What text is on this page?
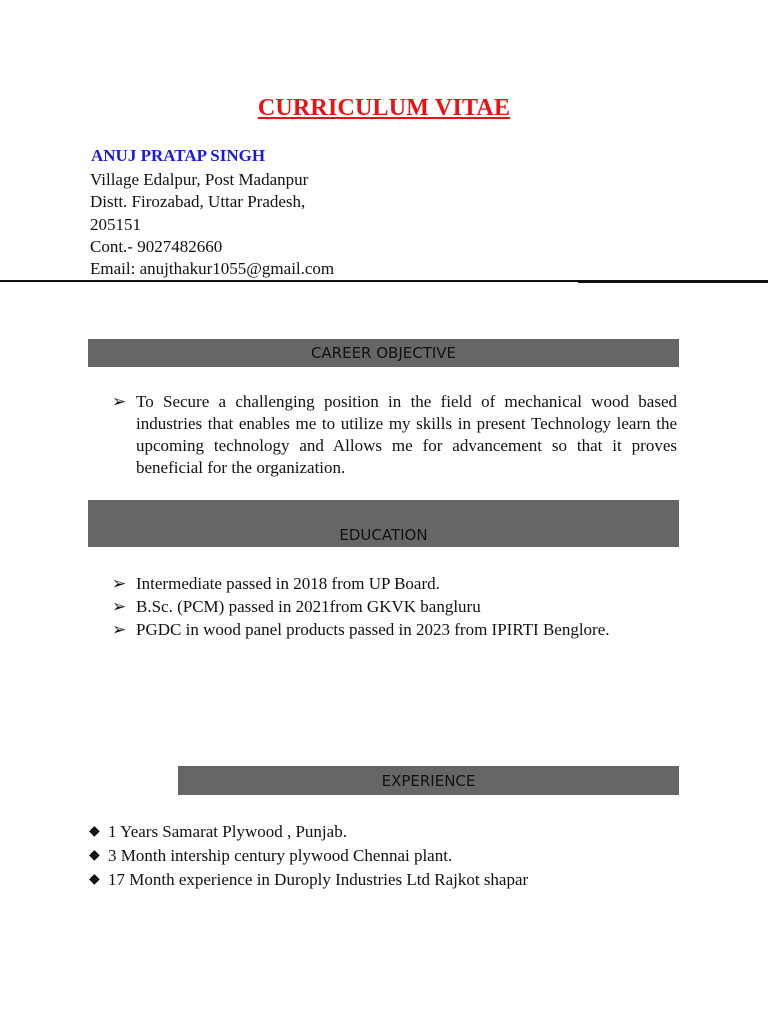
CURRICULUM VITAE
ANUJ PRATAP SINGH
Village Edalpur, Post Madanpur
Distt. Firozabad, Uttar Pradesh,
205151
Cont.- 9027482660
Email: anujthakur1055@gmail.com
CAREER OBJECTIVE
➢ To Secure a challenging position in the field of mechanical wood based industries that enables me to utilize my skills in present Technology learn the upcoming technology and Allows me for advancement so that it proves beneficial for the organization.
EDUCATION
➢ Intermediate passed in 2018 from UP Board.
➢ B.Sc. (PCM) passed in 2021from GKVK bangluru
➢ PGDC in wood panel products passed in 2023 from IPIRTI Benglore.
EXPERIENCE
◆ 1 Years Samarat Plywood , Punjab.
◆ 3 Month intership century plywood Chennai plant.
◆ 17 Month experience in Duroply Industries Ltd Rajkot shapar
